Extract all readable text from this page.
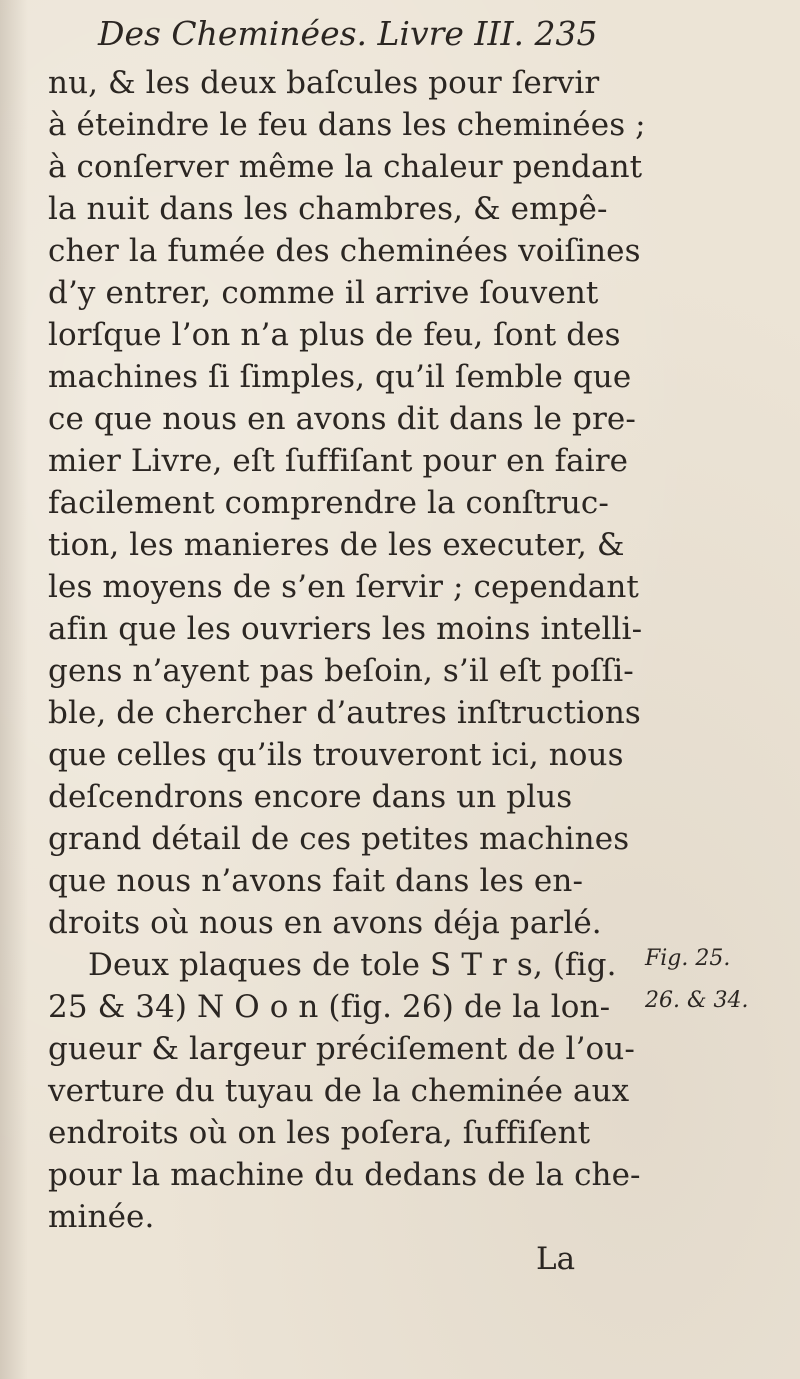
Des Cheminées. Livre III. 235
nu, & les deux baſcules pour ſervir
à éteindre le feu dans les cheminées ;
à conſerver même la chaleur pendant
la nuit dans les chambres, & empê-
cher la fumée des cheminées voiſines
d’y entrer, comme il arrive ſouvent
lorſque l’on n’a plus de feu, ſont des
machines ſi ſimples, qu’il ſemble que
ce que nous en avons dit dans le pre-
mier Livre, eſt ſuffiſant pour en faire
facilement comprendre la conſtruc-
tion, les manieres de les executer, &
les moyens de s’en ſervir ; cependant
afin que les ouvriers les moins intelli-
gens n’ayent pas beſoin, s’il eſt poſſi-
ble, de chercher d’autres inſtructions
que celles qu’ils trouveront ici, nous
deſcendrons encore dans un plus
grand détail de ces petites machines
que nous n’avons fait dans les en-
droits où nous en avons déja parlé.
Deux plaques de tole S T r s, (fig.
25 & 34) N O o n (fig. 26) de la lon-
gueur & largeur préciſement de l’ou-
verture du tuyau de la cheminée aux
endroits où on les poſera, ſuffiſent
pour la machine du dedans de la che-
minée.
Fig. 25.
26. & 34.
La
